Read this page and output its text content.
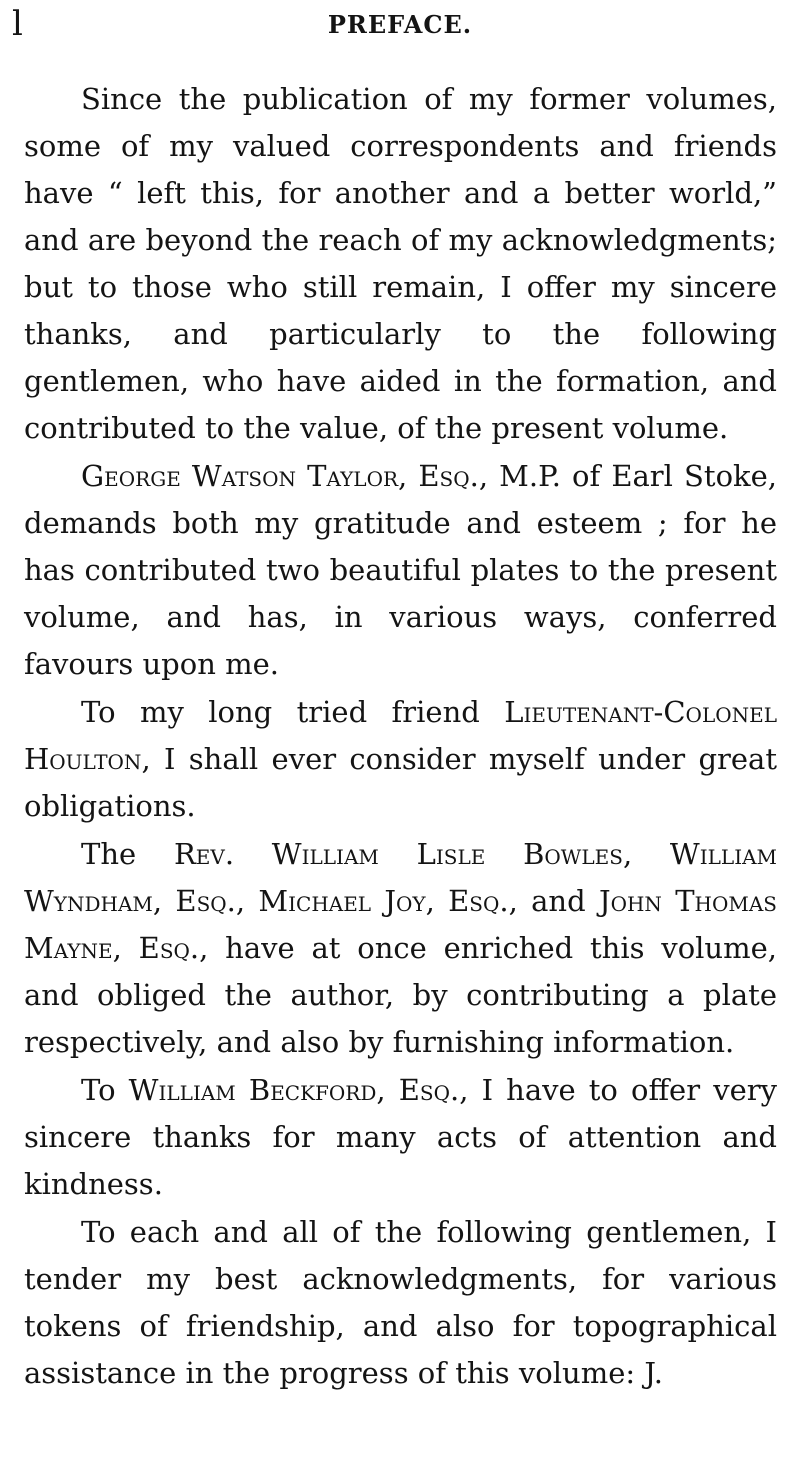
l	PREFACE.

Since the publication of my former volumes, some of my valued correspondents and friends have “ left this, for another and a better world,” and are beyond the reach of my acknowledgments; but to those who still remain, I offer my sincere thanks, and particularly to the following gentlemen, who have aided in the formation, and contributed to the value, of the present volume.

George Watson Taylor, Esq., M.P. of Earl Stoke, demands both my gratitude and esteem ; for he has contributed two beautiful plates to the present volume, and has, in various ways, conferred favours upon me.

To my long tried friend Lieutenant-Colonel Houlton, I shall ever consider myself under great obligations.

The Rev. William Lisle Bowles, William Wyndham, Esq., Michael Joy, Esq., and John Thomas Mayne, Esq., have at once enriched this volume, and obliged the author, by contributing a plate respectively, and also by furnishing information.

To William Beckford, Esq., I have to offer very sincere thanks for many acts of attention and kindness.

To each and all of the following gentlemen, I tender my best acknowledgments, for various tokens of friendship, and also for topographical assistance in the progress of this volume: J.
